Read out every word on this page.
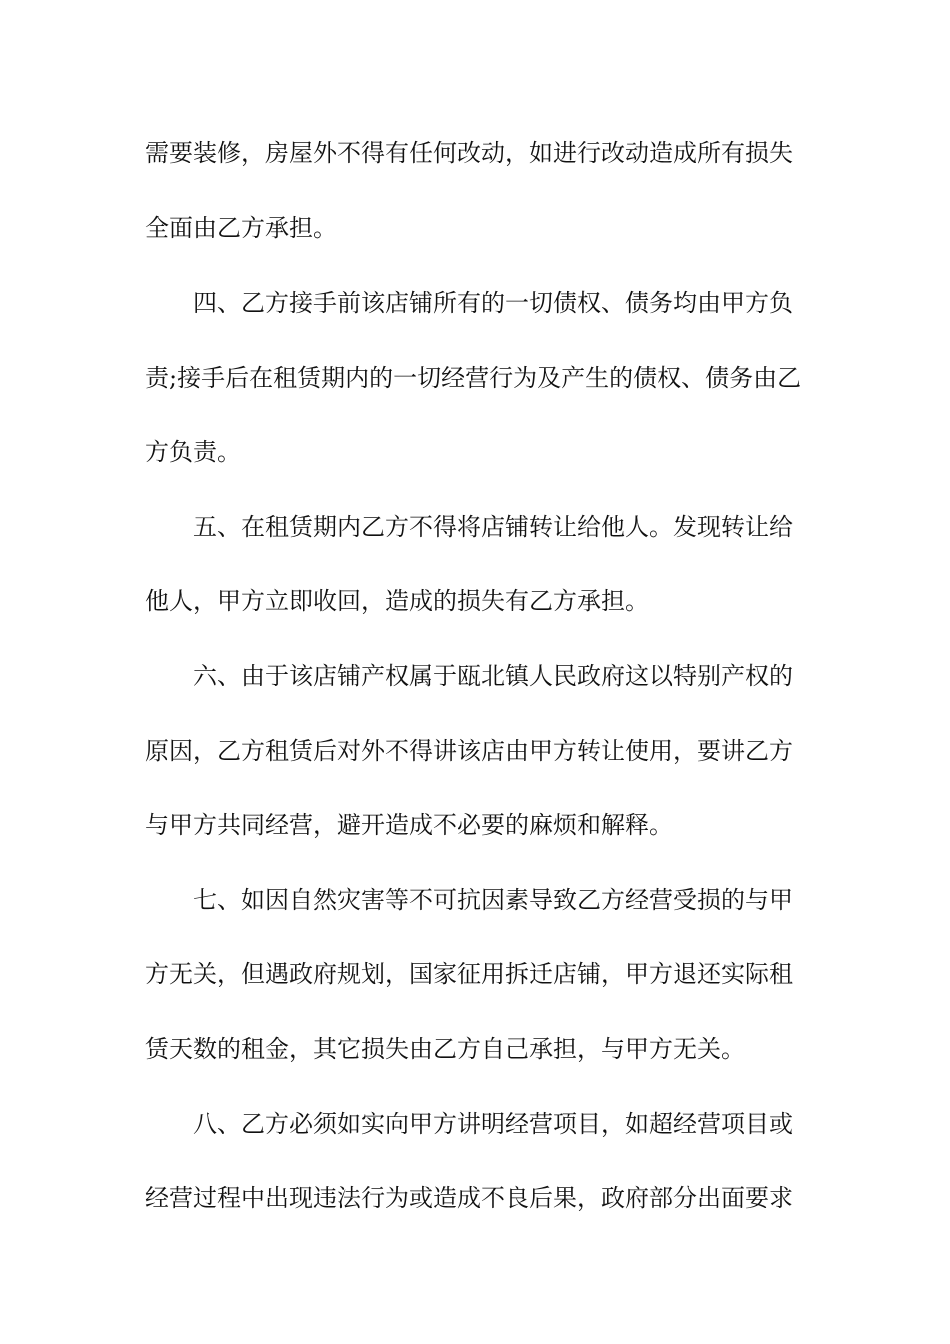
需要装修，房屋外不得有任何改动，如进行改动造成所有损失

全面由乙方承担。

四、乙方接手前该店铺所有的一切债权、债务均由甲方负

责;接手后在租赁期内的一切经营行为及产生的债权、债务由乙

方负责。

五、在租赁期内乙方不得将店铺转让给他人。发现转让给

他人，甲方立即收回，造成的损失有乙方承担。

六、由于该店铺产权属于瓯北镇人民政府这以特别产权的

原因，乙方租赁后对外不得讲该店由甲方转让使用，要讲乙方

与甲方共同经营，避开造成不必要的麻烦和解释。

七、如因自然灾害等不可抗因素导致乙方经营受损的与甲

方无关，但遇政府规划，国家征用拆迁店铺，甲方退还实际租

赁天数的租金，其它损失由乙方自己承担，与甲方无关。

八、乙方必须如实向甲方讲明经营项目，如超经营项目或

经营过程中出现违法行为或造成不良后果，政府部分出面要求
